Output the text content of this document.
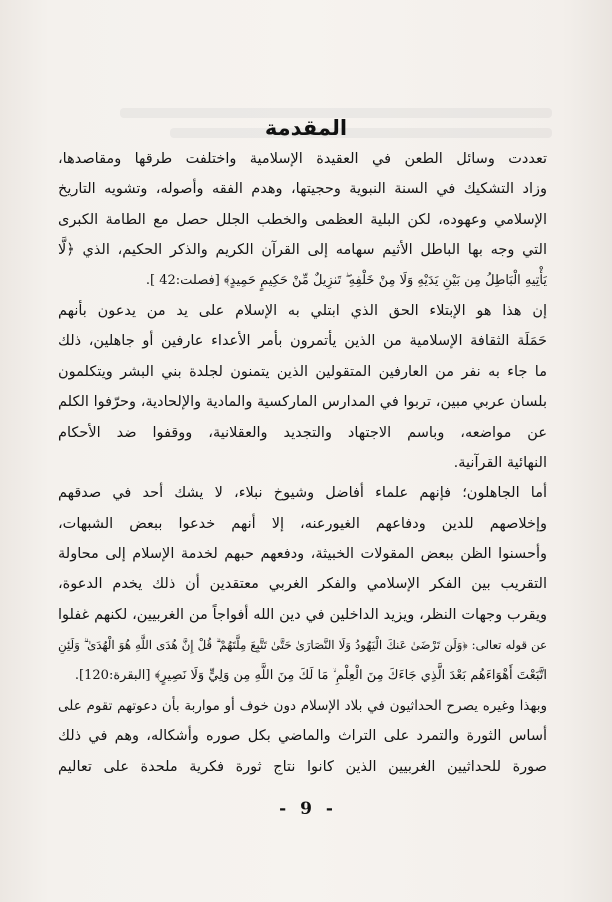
المقدمة
تعددت وسائل الطعن في العقيدة الإسلامية واختلفت طرقها ومقاصدها،
وزاد التشكيك في السنة النبوية وحجيتها، وهدم الفقه وأصوله، وتشويه التاريخ
الإسلامي وعهوده، لكن البلية العظمى والخطب الجلل حصل مع الطامة الكبرى
التي وجه بها الباطل الأثيم سهامه إلى القرآن الكريم والذكر الحكيم، الذي ﴿لَّا
يَأْتِيهِ الْبَاطِلُ مِن بَيْنِ يَدَيْهِ وَلَا مِنْ خَلْفِهِ ۖ تَنزِيلٌ مِّنْ حَكِيمٍ حَمِيدٍ﴾ [فصلت:42 ].
إن هذا هو الإبتلاء الحق الذي ابتلي به الإسلام على يد من يدعون بأنهم
حَمَلَة الثقافة الإسلامية من الذين يأتمرون بأمر الأعداء عارفين أو جاهلين، ذلك
ما جاء به نفر من العارفين المتقولين الذين يتمنون لجلدة بني البشر ويتكلمون
بلسان عربي مبين، تربوا في المدارس الماركسية والمادية والإلحادية، وحرّفوا الكلم
عن مواضعه، وباسم الاجتهاد والتجديد والعقلانية، ووقفوا ضد الأحكام
النهائية القرآنية.
أما الجاهلون؛ فإنهم علماء أفاضل وشيوخ نبلاء، لا يشك أحد في صدقهم
وإخلاصهم للدين ودفاعهم الغيورعنه، إلا أنهم خدعوا ببعض الشبهات،
وأحسنوا الظن ببعض المقولات الخبيثة، ودفعهم حبهم لخدمة الإسلام إلى محاولة
التقريب بين الفكر الإسلامي والفكر الغربي معتقدين أن ذلك يخدم الدعوة،
ويقرب وجهات النظر، ويزيد الداخلين في دين الله أفواجاً من الغربيين، لكنهم غفلوا
عن قوله تعالى: ﴿وَلَن تَرْضَىٰ عَنكَ الْيَهُودُ وَلَا النَّصَارَىٰ حَتَّىٰ تَتَّبِعَ مِلَّتَهُمْ ۗ قُلْ إِنَّ هُدَى اللَّهِ هُوَ الْهُدَىٰ ۗ وَلَئِنِ
اتَّبَعْتَ أَهْوَاءَهُم بَعْدَ الَّذِي جَاءَكَ مِنَ الْعِلْمِ ۙ مَا لَكَ مِنَ اللَّهِ مِن وَلِيٍّ وَلَا نَصِيرٍ﴾ [البقرة:120].
وبهذا وغيره يصرح الحداثيون في بلاد الإسلام دون خوف أو مواربة بأن دعوتهم تقوم على
أساس الثورة والتمرد على التراث والماضي بكل صوره وأشكاله، وهم في ذلك
صورة للحداثيين الغربيين الذين كانوا نتاج ثورة فكرية ملحدة على تعاليم
- 9 -
